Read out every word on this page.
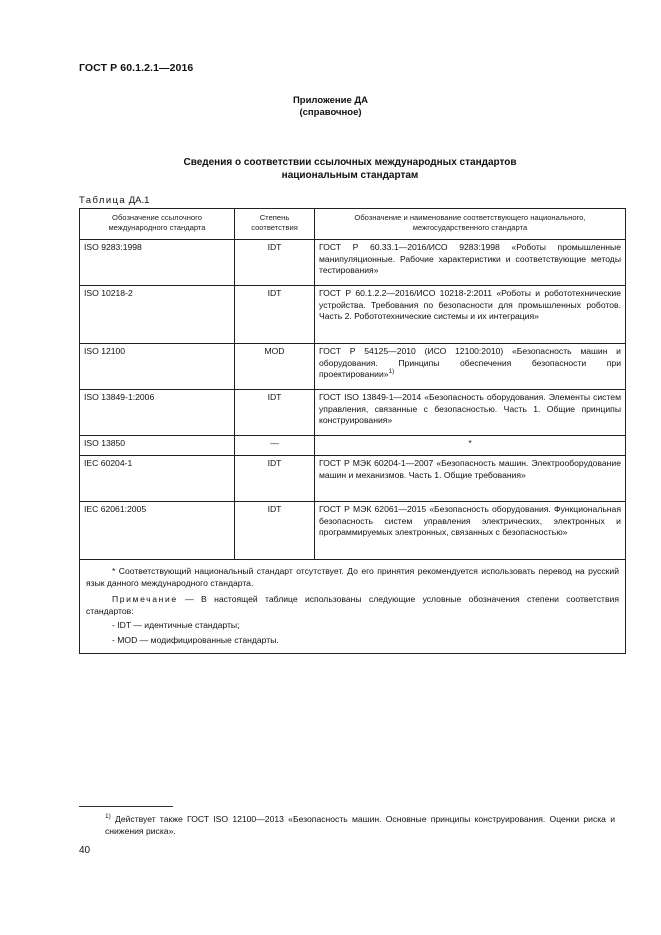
ГОСТ Р 60.1.2.1—2016
Приложение ДА
(справочное)
Сведения о соответствии ссылочных международных стандартов
национальным стандартам
Таблица ДА.1
Обозначение ссылочного международного стандарта	Степень соответствия	Обозначение и наименование соответствующего национального, межгосударственного стандарта
ISO 9283:1998	IDT	ГОСТ Р 60.33.1—2016/ИСО 9283:1998 «Роботы промышленные манипуляционные. Рабочие характеристики и соответствующие методы тестирования»
ISO 10218-2	IDT	ГОСТ Р 60.1.2.2—2016/ИСО 10218-2:2011 «Роботы и робототехнические устройства. Требования по безопасности для промышленных роботов. Часть 2. Робототехнические системы и их интеграция»
ISO 12100	MOD	ГОСТ Р 54125—2010 (ИСО 12100:2010) «Безопасность машин и оборудования. Принципы обеспечения безопасности при проектировании»$^{1)}$
ISO 13849-1:2006	IDT	ГОСТ ISO 13849-1—2014 «Безопасность оборудования. Элементы систем управления, связанные с безопасностью. Часть 1. Общие принципы конструирования»
ISO 13850	—	*

IEC 60204-1	IDT	ГОСТ Р МЭК 60204-1—2007 «Безопасность машин. Электрооборудование машин и механизмов. Часть 1. Общие требования»
IEC 62061:2005	IDT	ГОСТ Р МЭК 62061—2015 «Безопасность оборудования. Функциональная безопасность систем управления электрических, электронных и программируемых электронных, связанных с безопасностью»

* Соответствующий национальный стандарт отсутствует. До его принятия рекомендуется использовать перевод на русский язык данного международного стандарта.

Примечание — В настоящей таблице использованы следующие условные обозначения степени соответствия стандартов:

- IDT — идентичные стандарты;

- MOD — модифицированные стандарты.		

$^{1)}$ Действует также ГОСТ ISO 12100—2013 «Безопасность машин. Основные принципы конструирования. Оценки риска и снижения риска».
40
